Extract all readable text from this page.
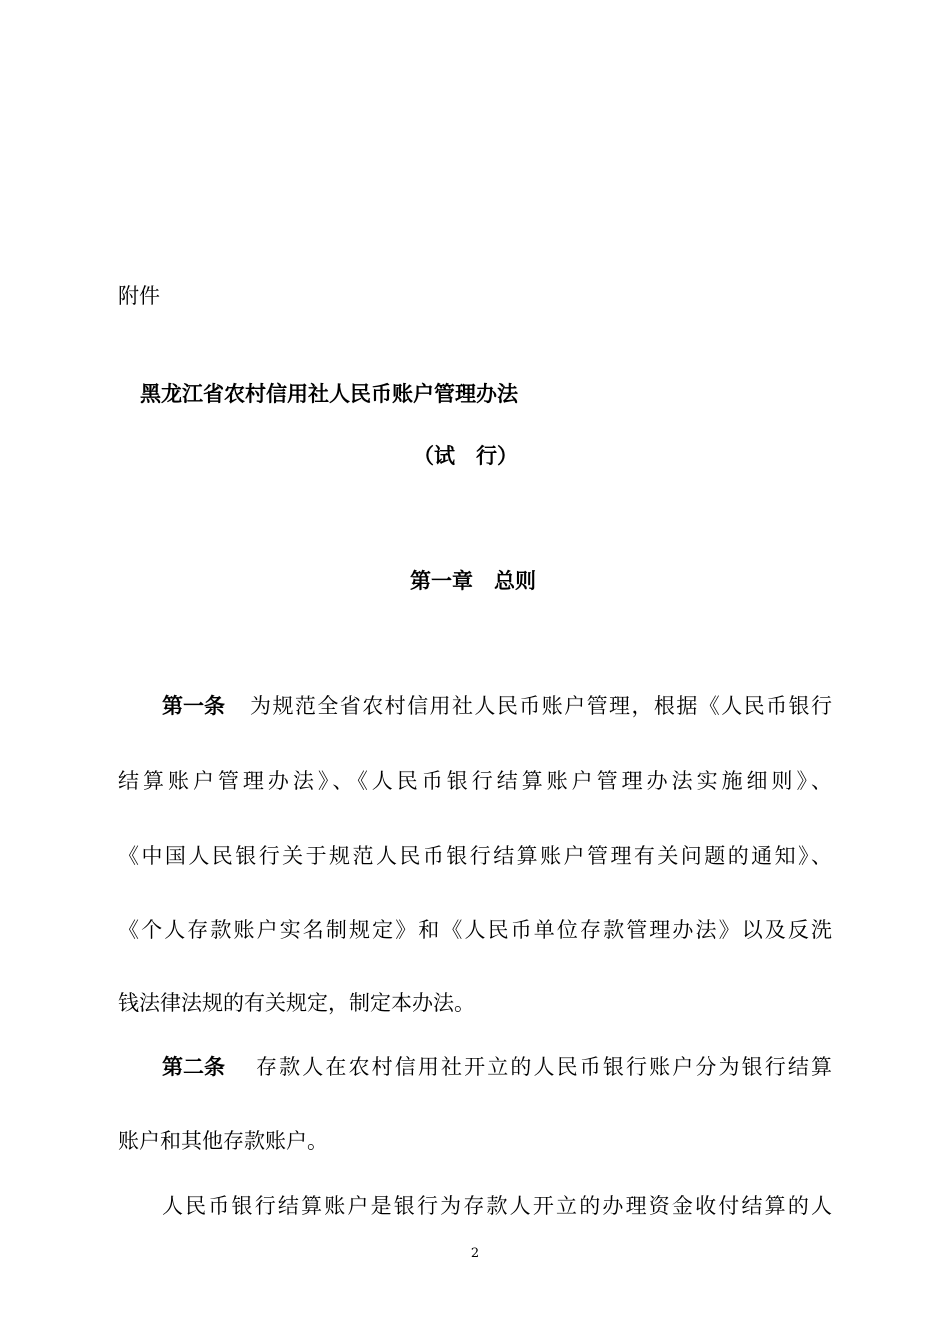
附件
黑龙江省农村信用社人民币账户管理办法
（试　行）
第一章　总则
第一条 为规范全省农村信用社人民币账户管理，根据《人民币银行
结算账户管理办法》、《人民币银行结算账户管理办法实施细则》、
《中国人民银行关于规范人民币银行结算账户管理有关问题的通知》、
《个人存款账户实名制规定》和《人民币单位存款管理办法》以及反洗
钱法律法规的有关规定，制定本办法。
第二条 存款人在农村信用社开立的人民币银行账户分为银行结算
账户和其他存款账户。
人民币银行结算账户是银行为存款人开立的办理资金收付结算的人
2
